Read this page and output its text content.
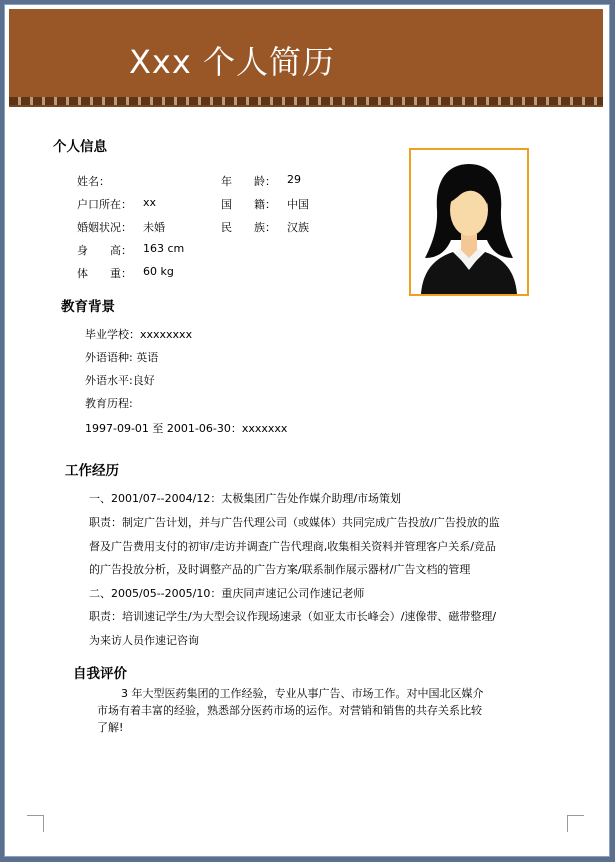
Xxx 个人简历
个人信息
姓名：	年　　龄： 29
户口所在： xx	国　　籍： 中国
婚姻状况： 未婚	民　　族： 汉族
身　　高： 163 cm
体　　重： 60 kg
教育背景
毕业学校：xxxxxxxx
外语语种: 英语
外语水平:良好
教育历程:
1997-09-01 至 2001-06-30：xxxxxxx
工作经历
一、2001/07--2004/12：太极集团广告处作媒介助理/市场策划
职责：制定广告计划，并与广告代理公司（或媒体）共同完成广告投放/广告投放的监
督及广告费用支付的初审/走访并调查广告代理商,收集相关资料并管理客户关系/竞品
的广告投放分析，及时调整产品的广告方案/联系制作展示器材/广告文档的管理
二、2005/05--2005/10：重庆同声速记公司作速记老师
职责：培训速记学生/为大型会议作现场速录（如亚太市长峰会）/速像带、磁带整理/
为来访人员作速记咨询
自我评价
3 年大型医药集团的工作经验，专业从事广告、市场工作。对中国北区媒介
市场有着丰富的经验，熟悉部分医药市场的运作。对营销和销售的共存关系比较
了解!
